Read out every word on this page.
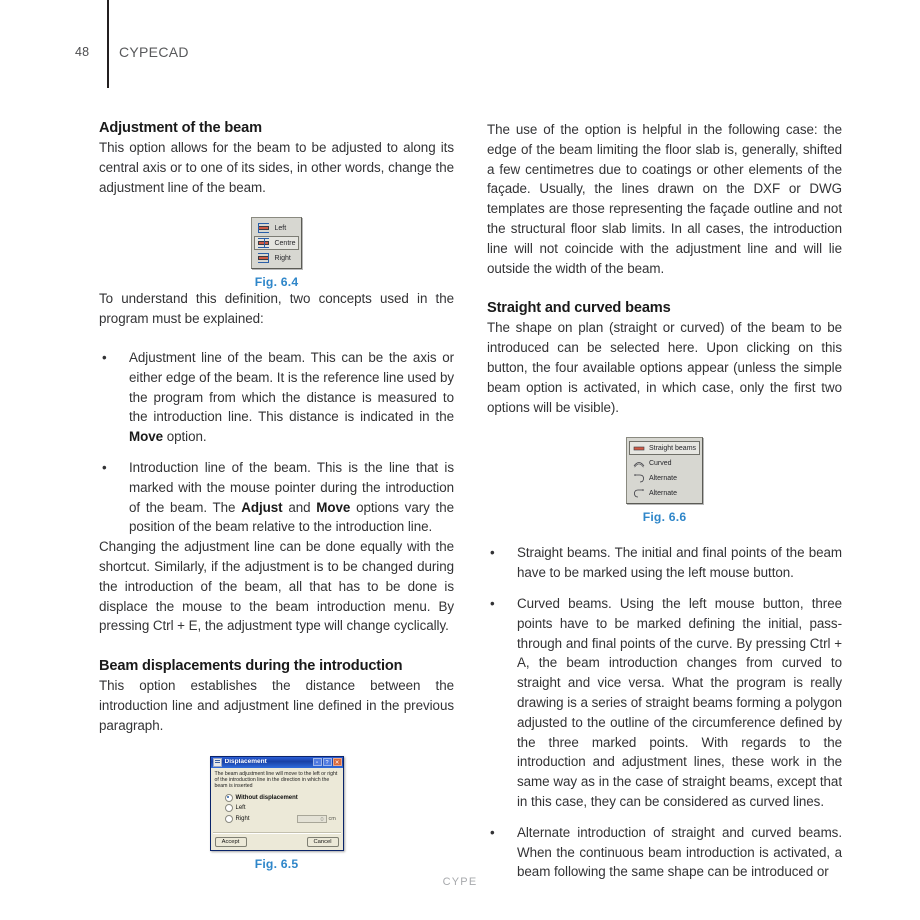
48 CYPECAD
Adjustment of the beam

This option allows for the beam to be adjusted to along its central axis or to one of its sides, in other words, change the adjustment line of the beam.

Left
Centre
Right
Fig. 6.4

To understand this definition, two concepts used in the program must be explained:

• Adjustment line of the beam. This can be the axis or either edge of the beam. It is the reference line used by the program from which the distance is measured to the introduction line. This distance is indicated in the Move option.
• Introduction line of the beam. This is the line that is marked with the mouse pointer during the introduction of the beam. The Adjust and Move options vary the position of the beam relative to the introduction line.

Changing the adjustment line can be done equally with the shortcut. Similarly, if the adjustment is to be changed during the introduction of the beam, all that has to be done is displace the mouse to the beam introduction menu. By pressing Ctrl + E, the adjustment type will change cyclically.

Beam displacements during the introduction

This option establishes the distance between the introduction line and adjustment line defined in the previous paragraph.

Displacement	▫	?	✕
The beam adjustment line will move to the left or right of the introduction line in the direction in which the beam is inserted
Without displacement
Left
Right	0 cm
Accept	Cancel
Fig. 6.5

The use of the option is helpful in the following case: the edge of the beam limiting the floor slab is, generally, shifted a few centimetres due to coatings or other elements of the façade. Usually, the lines drawn on the DXF or DWG templates are those representing the façade outline and not the structural floor slab limits. In all cases, the introduction line will not coincide with the adjustment line and will lie outside the width of the beam.

Straight and curved beams

The shape on plan (straight or curved) of the beam to be introduced can be selected here. Upon clicking on this button, the four available options appear (unless the simple beam option is activated, in which case, only the first two options will be visible).

Straight beams
Curved
Alternate
Alternate
Fig. 6.6
• Straight beams. The initial and final points of the beam have to be marked using the left mouse button.
• Curved beams. Using the left mouse button, three points have to be marked defining the initial, pass-through and final points of the curve. By pressing Ctrl + A, the beam introduction changes from curved to straight and vice versa. What the program is really drawing is a series of straight beams forming a polygon adjusted to the outline of the circumference defined by the three marked points. With regards to the introduction and adjustment lines, these work in the same way as in the case of straight beams, except that in this case, they can be considered as curved lines.
• Alternate introduction of straight and curved beams. When the continuous beam introduction is activated, a beam following the same shape can be introduced or
CYPE
